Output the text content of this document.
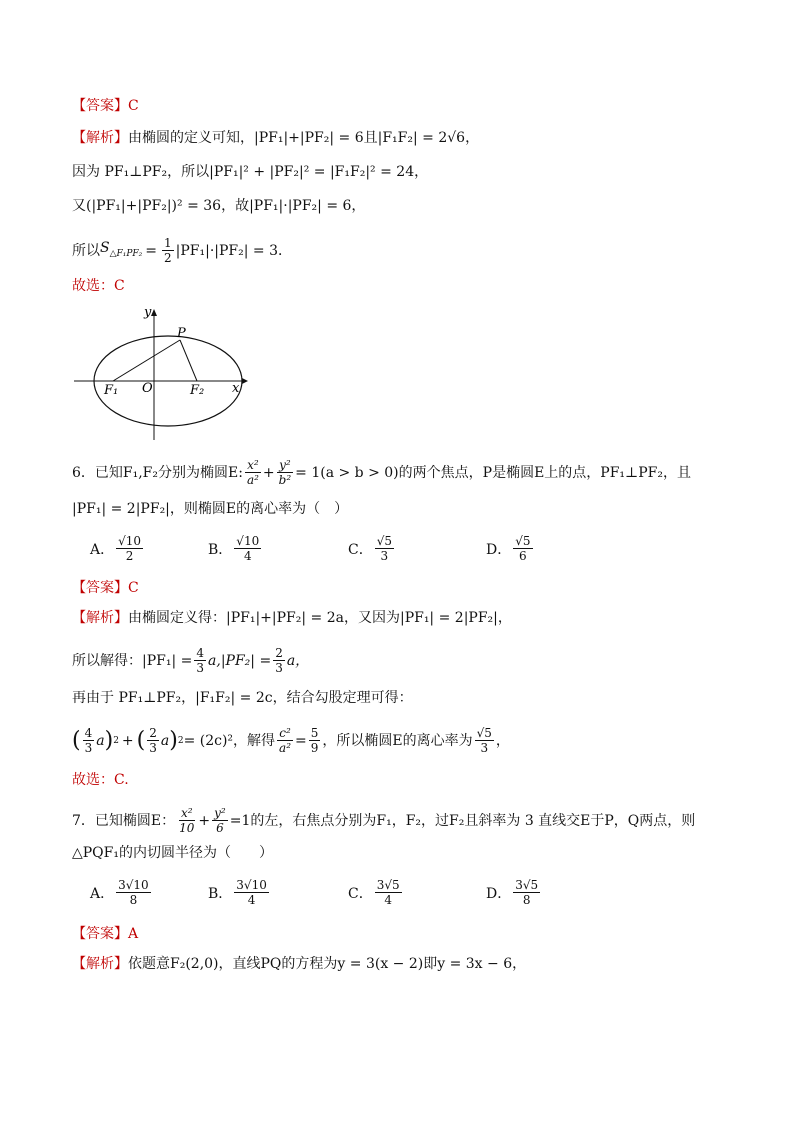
【答案】C
【解析】由椭圆的定义可知，|PF₁|+|PF₂| = 6且|F₁F₂| = 2√6，
因为 PF₁⊥PF₂，所以|PF₁|² + |PF₂|² = |F₁F₂|² = 24，
又(|PF₁|+|PF₂|)² = 36，故|PF₁|·|PF₂| = 6，
所以 $S_{\triangle F_1PF_2} = \frac{1}{2} |PF_1|\cdot|PF_2| = 3$．
故选：C
y
x
P
O
F₁	F₂
6．已知F₁,F₂分别为椭圆E: $\frac{\text{x²}}{\text{a²}} + \frac{\text{y²}}{\text{b²}} = 1(a > b > 0)$的两个焦点，P是椭圆E上的点，PF₁⊥PF₂，且
|PF₁| = 2|PF₂|，则椭圆E的离心率为（　）
A． $\frac{√10}{2}$	B． $\frac{√10}{4}$	C． $\frac{√5}{3}$	D． $\frac{√5}{6}$
【答案】C
【解析】由椭圆定义得：|PF₁|+|PF₂| = 2a，又因为|PF₁| = 2|PF₂|，
所以解得：$|PF_1| = \frac{4}{3} a,|PF_2| = \frac{2}{3}$ a，
再由于 PF₁⊥PF₂，|F₁F₂| = 2c，结合勾股定理可得：
( $\frac{4}{3}$ a ) 2 + ( $\frac{2}{3}$ a ) 2 = (2c)²，解得 $\frac{\text{c²}}{\text{a²}} = \frac{5}{9}$ ，所以椭圆E的离心率为 $\frac{√5}{3}$ ，
故选：C.
7．已知椭圆E： $\frac{\text{x²}}{10} + \frac{\text{y²}}{6} =1$的左，右焦点分别为F₁，F₂，过F₂且斜率为 3 直线交E于P，Q两点，则
△PQF₁的内切圆半径为（　　）
A． $\frac{3√10}{8}$	B． $\frac{3√10}{4}$	C． $\frac{3√5}{4}$	D． $\frac{3√5}{8}$
【答案】A
【解析】依题意F₂(2,0)，直线PQ的方程为y = 3(x − 2)即y = 3x − 6，
